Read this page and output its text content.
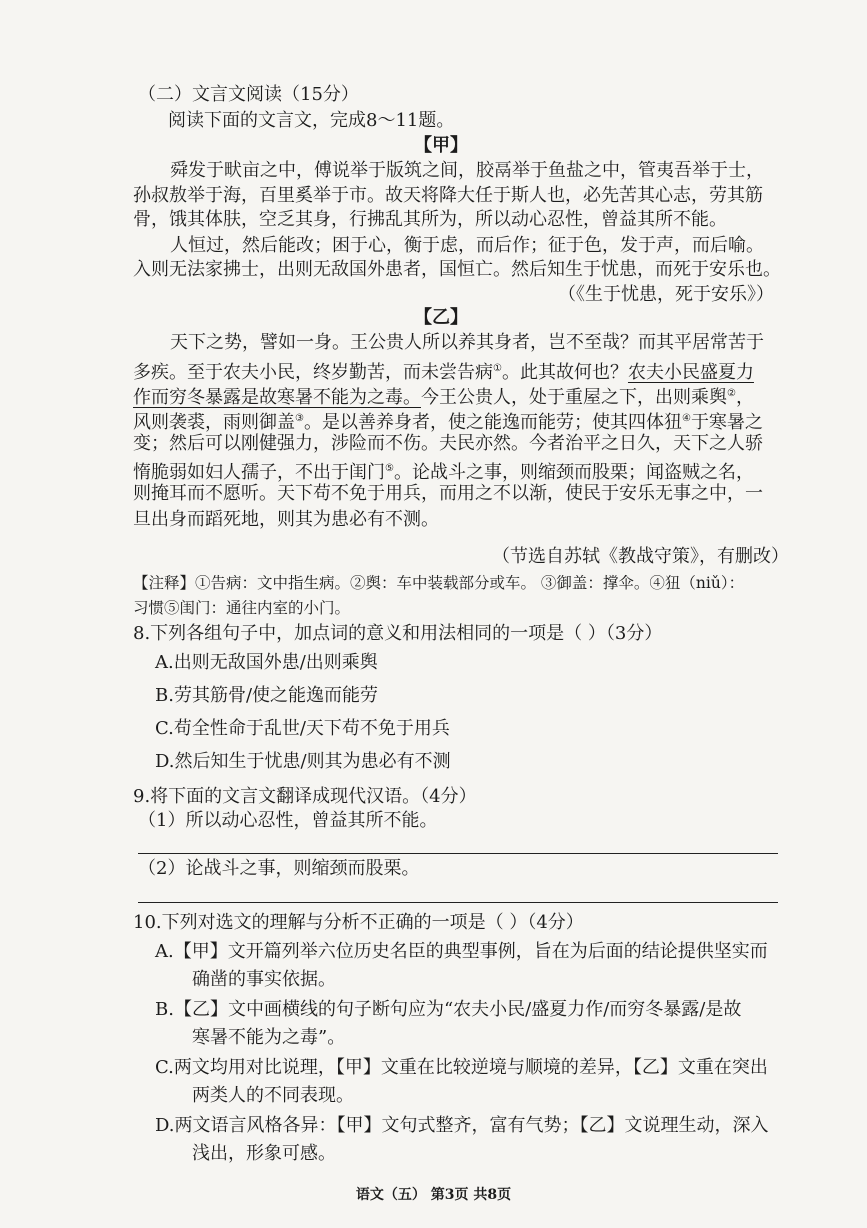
（二）文言文阅读（15分）
阅读下面的文言文，完成8～11题。
【甲】
舜发于畎亩之中，傅说举于版筑之间，胶鬲举于鱼盐之中，管夷吾举于士，
孙叔敖举于海，百里奚举于市。故天将降大任于斯人也，必先苦其心志，劳其筋
骨，饿其体肤，空乏其身，行拂乱其所为，所以动心忍性，曾益其所不能。
人恒过，然后能改；困于心，衡于虑，而后作；征于色，发于声，而后喻。
入则无法家拂士，出则无敌国外患者，国恒亡。然后知生于忧患，而死于安乐也。
（《生于忧患，死于安乐》）
【乙】
天下之势，譬如一身。王公贵人所以养其身者，岂不至哉？而其平居常苦于
多疾。至于农夫小民，终岁勤苦，而未尝告病①。此其故何也？农夫小民盛夏力
作而穷冬暴露是故寒暑不能为之毒。今王公贵人，处于重屋之下，出则乘舆②，
风则袭裘，雨则御盖③。是以善养身者，使之能逸而能劳；使其四体狃④于寒暑之
变；然后可以刚健强力，涉险而不伤。夫民亦然。今者治平之日久，天下之人骄
惰脆弱如妇人孺子，不出于闺门⑤。论战斗之事，则缩颈而股栗；闻盗贼之名，
则掩耳而不愿听。天下苟不免于用兵，而用之不以渐，使民于安乐无事之中，一
旦出身而蹈死地，则其为患必有不测。
（节选自苏轼《教战守策》，有删改）
【注释】①告病：文中指生病。②舆：车中装载部分或车。 ③御盖：撑伞。④狃（niǔ）：
习惯⑤闺门：通往内室的小门。
8.下列各组句子中，加点词的意义和用法相同的一项是（ ）（3分）
A.出则无敌国外患/出则乘舆
B.劳其筋骨/使之能逸而能劳
C.苟全性命于乱世/天下苟不免于用兵
D.然后知生于忧患/则其为患必有不测
9.将下面的文言文翻译成现代汉语。（4分）
（1）所以动心忍性，曾益其所不能。
（2）论战斗之事，则缩颈而股栗。
10.下列对选文的理解与分析不正确的一项是（ ）（4分）
A.【甲】文开篇列举六位历史名臣的典型事例，旨在为后面的结论提供坚实而
确凿的事实依据。
B.【乙】文中画横线的句子断句应为“农夫小民/盛夏力作/而穷冬暴露/是故
寒暑不能为之毒”。
C.两文均用对比说理，【甲】文重在比较逆境与顺境的差异，【乙】文重在突出
两类人的不同表现。
D.两文语言风格各异：【甲】文句式整齐，富有气势；【乙】文说理生动，深入
浅出，形象可感。
语文（五） 第3页 共8页
